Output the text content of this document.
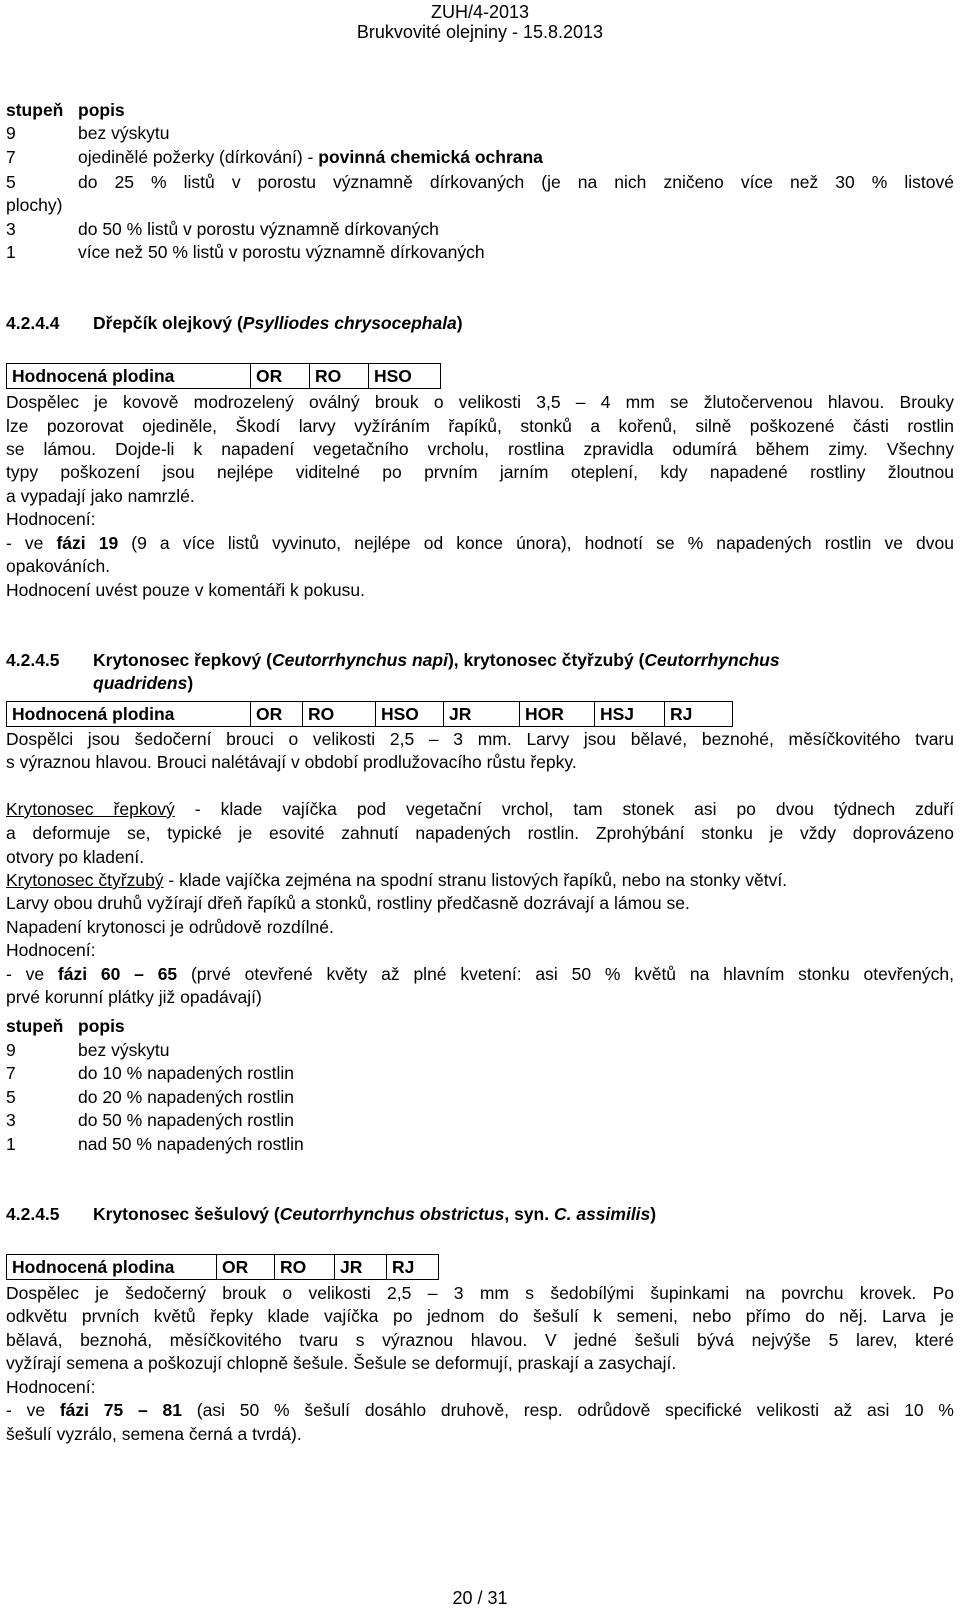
ZUH/4-2013
Brukvovité olejniny - 15.8.2013
stupeň popis
9	bez výskytu
7	ojedinělé požerky (dírkování) - povinná chemická ochrana
5	do 25 % listů v porostu významně dírkovaných (je na nich zničeno více než 30 % listové
plochy)
3	do 50 % listů v porostu významně dírkovaných
1	více než 50 % listů v porostu významně dírkovaných
4.2.4.4 Dřepčík olejkový (Psylliodes chrysocephala)
Hodnocená plodina	OR	RO	HSO
Dospělec je kovově modrozelený oválný brouk o velikosti 3,5 – 4 mm se žlutočervenou hlavou. Brouky
lze pozorovat ojediněle, Škodí larvy vyžíráním řapíků, stonků a kořenů, silně poškozené části rostlin
se lámou. Dojde-li k napadení vegetačního vrcholu, rostlina zpravidla odumírá během zimy. Všechny
typy poškození jsou nejlépe viditelné po prvním jarním oteplení, kdy napadené rostliny žloutnou
a vypadají jako namrzlé.
Hodnocení:
- ve fázi 19 (9 a více listů vyvinuto, nejlépe od konce února), hodnotí se % napadených rostlin ve dvou
opakováních.
Hodnocení uvést pouze v komentáři k pokusu.
4.2.4.5 Krytonosec řepkový (Ceutorrhynchus napi), krytonosec čtyřzubý (Ceutorrhynchus
quadridens)
Hodnocená plodina	OR	RO	HSO	JR	HOR	HSJ	RJ
Dospělci jsou šedočerní brouci o velikosti 2,5 – 3 mm. Larvy jsou bělavé, beznohé, měsíčkovitého tvaru
s výraznou hlavou. Brouci nalétávají v období prodlužovacího růstu řepky.
Krytonosec řepkový - klade vajíčka pod vegetační vrchol, tam stonek asi po dvou týdnech zduří
a deformuje se, typické je esovité zahnutí napadených rostlin. Zprohýbání stonku je vždy doprovázeno
otvory po kladení.
Krytonosec čtyřzubý - klade vajíčka zejména na spodní stranu listových řapíků, nebo na stonky větví.
Larvy obou druhů vyžírají dřeň řapíků a stonků, rostliny předčasně dozrávají a lámou se.
Napadení krytonosci je odrůdově rozdílné.
Hodnocení:
- ve fázi 60 – 65 (prvé otevřené květy až plné kvetení: asi 50 % květů na hlavním stonku otevřených,
prvé korunní plátky již opadávají)
stupeň popis
9	bez výskytu
7	do 10 % napadených rostlin
5	do 20 % napadených rostlin
3	do 50 % napadených rostlin
1	nad 50 % napadených rostlin
4.2.4.5 Krytonosec šešulový (Ceutorrhynchus obstrictus, syn. C. assimilis)
Hodnocená plodina	OR	RO	JR	RJ
Dospělec je šedočerný brouk o velikosti 2,5 – 3 mm s šedobílými šupinkami na povrchu krovek. Po
odkvětu prvních květů řepky klade vajíčka po jednom do šešulí k semeni, nebo přímo do něj. Larva je
bělavá, beznohá, měsíčkovitého tvaru s výraznou hlavou. V jedné šešuli bývá nejvýše 5 larev, které
vyžírají semena a poškozují chlopně šešule. Šešule se deformují, praskají a zasychají.
Hodnocení:
- ve fázi 75 – 81 (asi 50 % šešulí dosáhlo druhově, resp. odrůdově specifické velikosti až asi 10 %
šešulí vyzrálo, semena černá a tvrdá).
20 / 31
